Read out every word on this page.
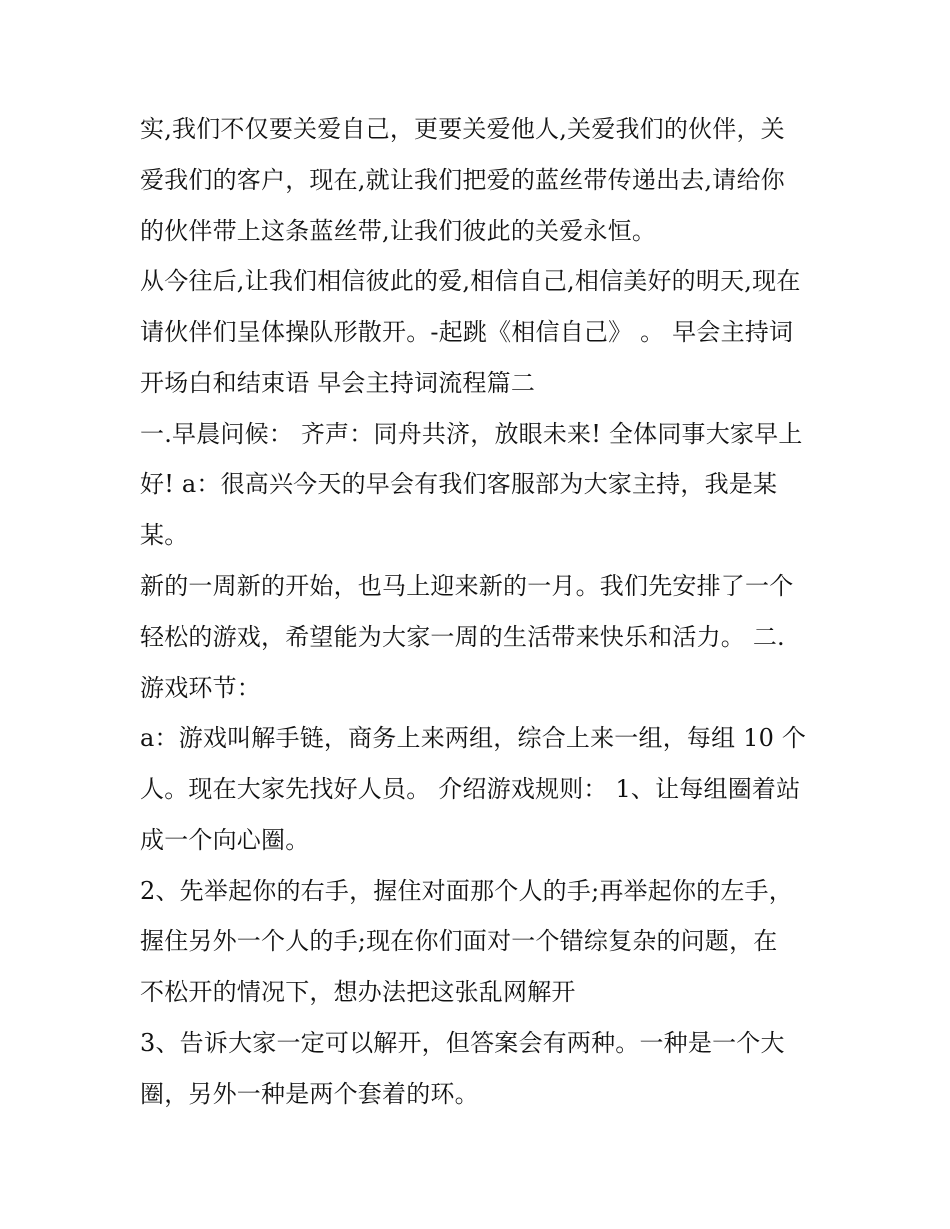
实,我们不仅要关爱自己，更要关爱他人,关爱我们的伙伴，关
爱我们的客户，现在,就让我们把爱的蓝丝带传递出去,请给你
的伙伴带上这条蓝丝带,让我们彼此的关爱永恒。
从今往后,让我们相信彼此的爱,相信自己,相信美好的明天,现在
请伙伴们呈体操队形散开。-起跳《相信自己》 。 早会主持词
开场白和结束语 早会主持词流程篇二
一.早晨问候： 齐声：同舟共济，放眼未来! 全体同事大家早上
好! a：很高兴今天的早会有我们客服部为大家主持，我是某
某。
新的一周新的开始，也马上迎来新的一月。我们先安排了一个
轻松的游戏，希望能为大家一周的生活带来快乐和活力。 二.
游戏环节：
a：游戏叫解手链，商务上来两组，综合上来一组，每组 10 个
人。现在大家先找好人员。 介绍游戏规则： 1、让每组圈着站
成一个向心圈。
2、先举起你的右手，握住对面那个人的手;再举起你的左手，
握住另外一个人的手;现在你们面对一个错综复杂的问题，在
不松开的情况下，想办法把这张乱网解开
3、告诉大家一定可以解开，但答案会有两种。一种是一个大
圈，另外一种是两个套着的环。
